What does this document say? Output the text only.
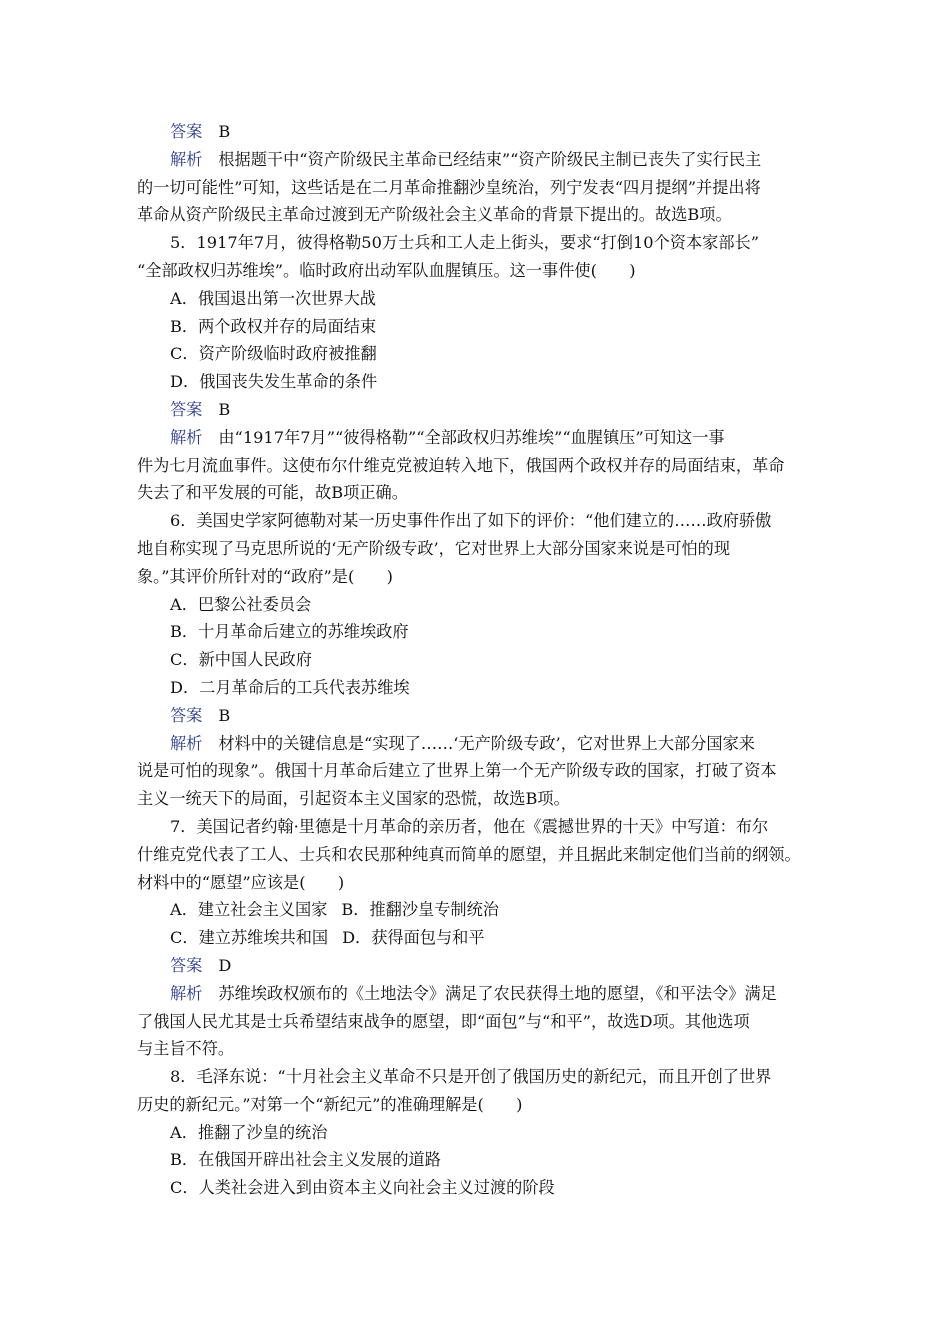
答案 B
解析 根据题干中“资产阶级民主革命已经结束”“资产阶级民主制已丧失了实行民主
的一切可能性”可知，这些话是在二月革命推翻沙皇统治，列宁发表“四月提纲”并提出将
革命从资产阶级民主革命过渡到无产阶级社会主义革命的背景下提出的。故选B项。
5．1917年7月，彼得格勒50万士兵和工人走上街头，要求“打倒10个资本家部长”
“全部政权归苏维埃”。临时政府出动军队血腥镇压。这一事件使(　　)
A．俄国退出第一次世界大战
B．两个政权并存的局面结束
C．资产阶级临时政府被推翻
D．俄国丧失发生革命的条件
答案 B
解析 由“1917年7月”“彼得格勒”“全部政权归苏维埃”“血腥镇压”可知这一事
件为七月流血事件。这使布尔什维克党被迫转入地下，俄国两个政权并存的局面结束，革命
失去了和平发展的可能，故B项正确。
6．美国史学家阿德勒对某一历史事件作出了如下的评价：“他们建立的……政府骄傲
地自称实现了马克思所说的‘无产阶级专政’，它对世界上大部分国家来说是可怕的现
象。”其评价所针对的“政府”是(　　)
A．巴黎公社委员会
B．十月革命后建立的苏维埃政府
C．新中国人民政府
D．二月革命后的工兵代表苏维埃
答案 B
解析 材料中的关键信息是“实现了……‘无产阶级专政’，它对世界上大部分国家来
说是可怕的现象”。俄国十月革命后建立了世界上第一个无产阶级专政的国家，打破了资本
主义一统天下的局面，引起资本主义国家的恐慌，故选B项。
7．美国记者约翰·里德是十月革命的亲历者，他在《震撼世界的十天》中写道：布尔
什维克党代表了工人、士兵和农民那种纯真而简单的愿望，并且据此来制定他们当前的纲领。
材料中的“愿望”应该是(　　)
A．建立社会主义国家 B．推翻沙皇专制统治
C．建立苏维埃共和国 D．获得面包与和平
答案 D
解析 苏维埃政权颁布的《土地法令》满足了农民获得土地的愿望，《和平法令》满足
了俄国人民尤其是士兵希望结束战争的愿望，即“面包”与“和平”，故选D项。其他选项
与主旨不符。
8．毛泽东说：“十月社会主义革命不只是开创了俄国历史的新纪元，而且开创了世界
历史的新纪元。”对第一个“新纪元”的准确理解是(　　)
A．推翻了沙皇的统治
B．在俄国开辟出社会主义发展的道路
C．人类社会进入到由资本主义向社会主义过渡的阶段
